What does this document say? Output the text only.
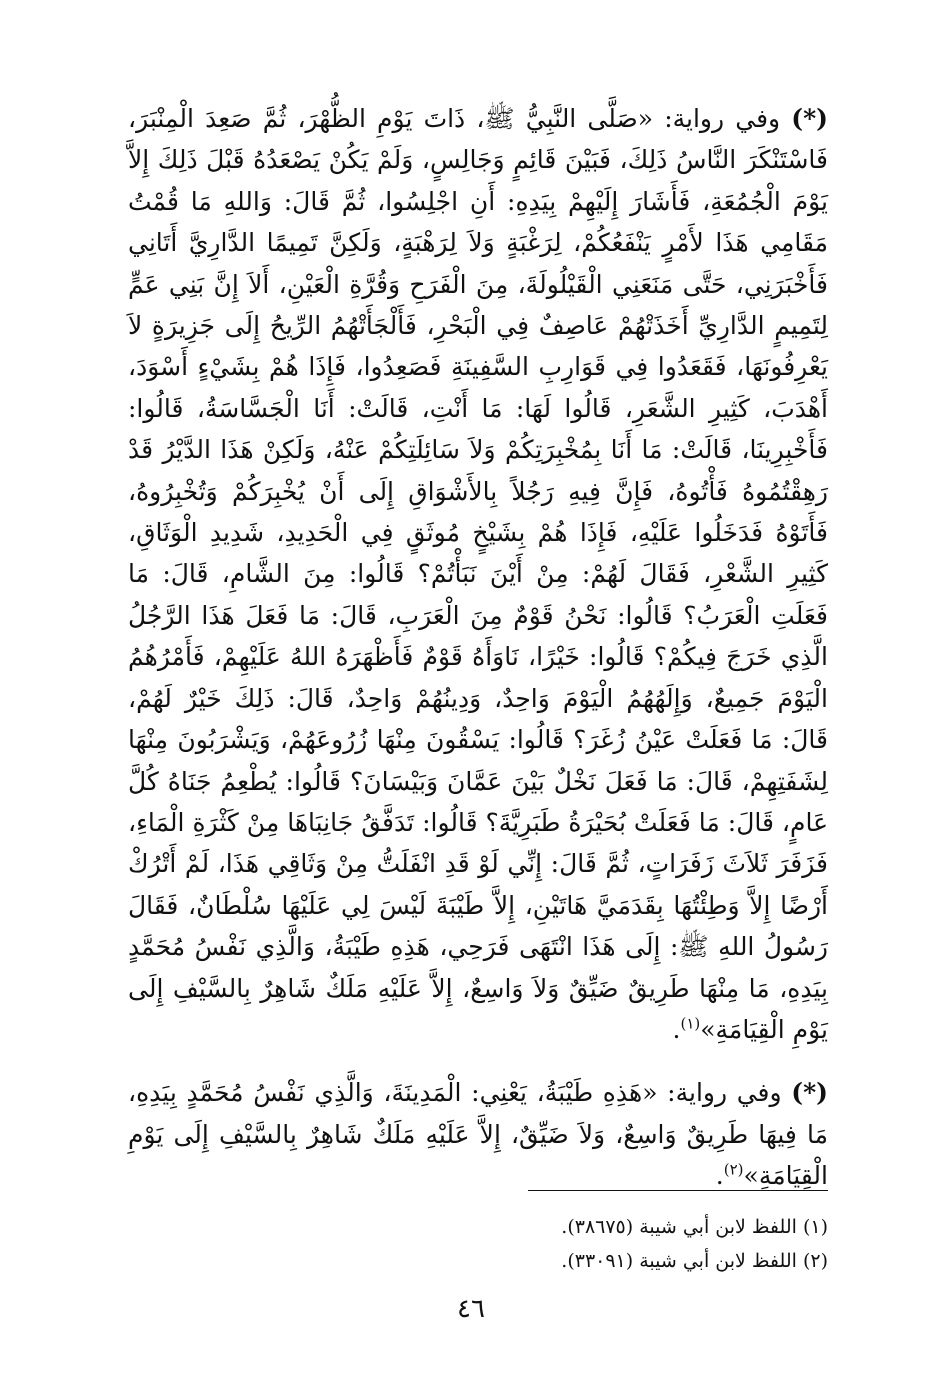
(*) وفي رواية: «صَلَّى النَّبِيُّ ﷺ، ذَاتَ يَوْمِ الظُّهْرَ، ثُمَّ صَعِدَ الْمِنْبَرَ، فَاسْتَنْكَرَ النَّاسُ ذَلِكَ، فَبَيْنَ قَائِمٍ وَجَالِسٍ، وَلَمْ يَكُنْ يَصْعَدُهُ قَبْلَ ذَلِكَ إِلاَّ يَوْمَ الْجُمُعَةِ، فَأَشَارَ إِلَيْهِمْ بِيَدِهِ: أَنِ اجْلِسُوا، ثُمَّ قَالَ: وَاللهِ مَا قُمْتُ مَقَامِي هَذَا لأَمْرٍ يَنْفَعُكُمْ، لِرَغْبَةٍ وَلاَ لِرَهْبَةٍ، وَلَكِنَّ تَمِيمًا الدَّارِيَّ أَتَانِي فَأَخْبَرَنِي، حَتَّى مَنَعَنِي الْقَيْلُولَةَ، مِنَ الْفَرَحِ وَقُرَّةِ الْعَيْنِ، أَلاَ إِنَّ بَنِي عَمٍّ لِتَمِيمٍ الدَّارِيِّ أَخَذَتْهُمْ عَاصِفٌ فِي الْبَحْرِ، فَأَلْجَأَتْهُمُ الرِّيحُ إِلَى جَزِيرَةٍ لاَ يَعْرِفُونَهَا، فَقَعَدُوا فِي قَوَارِبِ السَّفِينَةِ فَصَعِدُوا، فَإِذَا هُمْ بِشَيْءٍ أَسْوَدَ، أَهْدَبَ، كَثِيرِ الشَّعَرِ، قَالُوا لَهَا: مَا أَنْتِ، قَالَتْ: أَنَا الْجَسَّاسَةُ، قَالُوا: فَأَخْبِرِينَا، قَالَتْ: مَا أَنَا بِمُخْبِرَتِكُمْ وَلاَ سَائِلَتِكُمْ عَنْهُ، وَلَكِنْ هَذَا الدَّيْرُ قَدْ رَهِقْتُمُوهُ فَأْتُوهُ، فَإِنَّ فِيهِ رَجُلاً بِالأَشْوَاقِ إِلَى أَنْ يُخْبِرَكُمْ وَتُخْبِرُوهُ، فَأَتَوْهُ فَدَخَلُوا عَلَيْهِ، فَإِذَا هُمْ بِشَيْخٍ مُوثَقٍ فِي الْحَدِيدِ، شَدِيدِ الْوَثَاقِ، كَثِيرِ الشَّعْرِ، فَقَالَ لَهُمْ: مِنْ أَيْنَ نَبَأْتُمْ؟ قَالُوا: مِنَ الشَّامِ، قَالَ: مَا فَعَلَتِ الْعَرَبُ؟ قَالُوا: نَحْنُ قَوْمٌ مِنَ الْعَرَبِ، قَالَ: مَا فَعَلَ هَذَا الرَّجُلُ الَّذِي خَرَجَ فِيكُمْ؟ قَالُوا: خَيْرًا، نَاوَأَهُ قَوْمٌ فَأَظْهَرَهُ اللهُ عَلَيْهِمْ، فَأَمْرُهُمُ الْيَوْمَ جَمِيعٌ، وَإِلَهُهُمُ الْيَوْمَ وَاحِدٌ، وَدِينُهُمْ وَاحِدٌ، قَالَ: ذَلِكَ خَيْرٌ لَهُمْ، قَالَ: مَا فَعَلَتْ عَيْنُ زُغَرَ؟ قَالُوا: يَسْقُونَ مِنْهَا زُرُوعَهُمْ، وَيَشْرَبُونَ مِنْهَا لِشَفَتِهِمْ، قَالَ: مَا فَعَلَ نَخْلٌ بَيْنَ عَمَّانَ وَبَيْسَانَ؟ قَالُوا: يُطْعِمُ جَنَاهُ كُلَّ عَامٍ، قَالَ: مَا فَعَلَتْ بُحَيْرَةُ طَبَرِيَّةَ؟ قَالُوا: تَدَفَّقُ جَانِبَاهَا مِنْ كَثْرَةِ الْمَاءِ، فَزَفَرَ ثَلاَثَ زَفَرَاتٍ، ثُمَّ قَالَ: إِنِّي لَوْ قَدِ انْفَلَتُّ مِنْ وَثَاقِي هَذَا، لَمْ أَتْرُكْ أَرْضًا إِلاَّ وَطِئْتُهَا بِقَدَمَيَّ هَاتَيْنِ، إِلاَّ طَيْبَةَ لَيْسَ لِي عَلَيْهَا سُلْطَانٌ، فَقَالَ رَسُولُ اللهِ ﷺ: إِلَى هَذَا انْتَهَى فَرَحِي، هَذِهِ طَيْبَةُ، وَالَّذِي نَفْسُ مُحَمَّدٍ بِيَدِهِ، مَا مِنْهَا طَرِيقٌ ضَيِّقٌ وَلاَ وَاسِعٌ، إِلاَّ عَلَيْهِ مَلَكٌ شَاهِرٌ بِالسَّيْفِ إِلَى يَوْمِ الْقِيَامَةِ»$^{(١)}$.

(*) وفي رواية: «هَذِهِ طَيْبَةُ، يَعْنِي: الْمَدِينَةَ، وَالَّذِي نَفْسُ مُحَمَّدٍ بِيَدِهِ، مَا فِيهَا طَرِيقٌ وَاسِعٌ، وَلاَ ضَيِّقٌ، إِلاَّ عَلَيْهِ مَلَكٌ شَاهِرٌ بِالسَّيْفِ إِلَى يَوْمِ الْقِيَامَةِ»$^{(٢)}$.

(١) اللفظ لابن أبي شيبة (٣٨٦٧٥).

(٢) اللفظ لابن أبي شيبة (٣٣٠٩١).

٤٦
